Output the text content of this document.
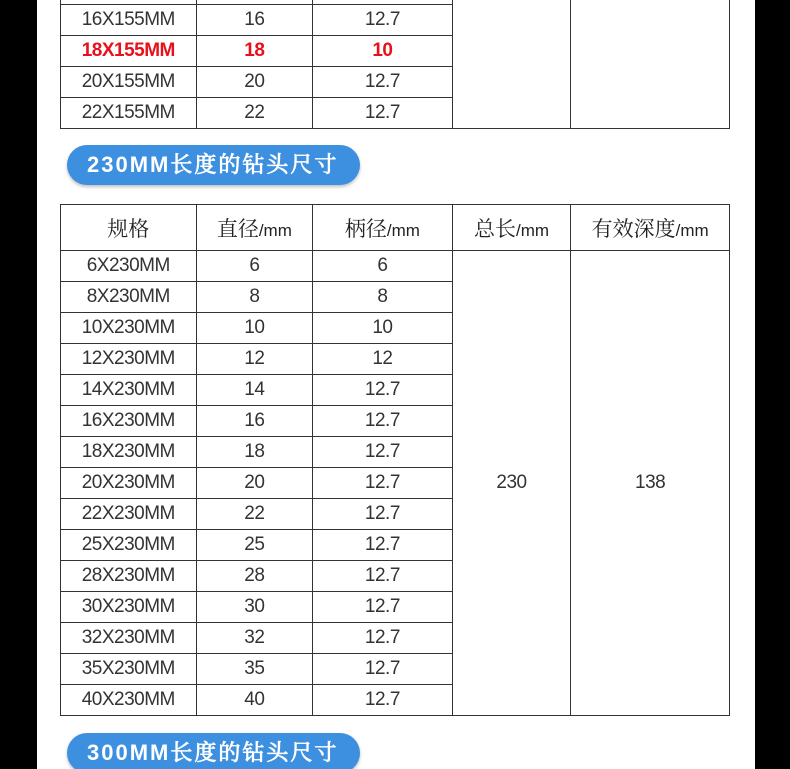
16X155MM	16	12.7		
18X155MM	18	10		
20X155MM	20	12.7		
22X155MM	22	12.7		
230MM长度的钻头尺寸
规格	直径/mm	柄径/mm	总长/mm	有效深度/mm
6X230MM	6	6	230	138
8X230MM	8	8		
10X230MM	10	10		
12X230MM	12	12		
14X230MM	14	12.7		
16X230MM	16	12.7		
18X230MM	18	12.7		
20X230MM	20	12.7		
22X230MM	22	12.7		
25X230MM	25	12.7		
28X230MM	28	12.7		
30X230MM	30	12.7		
32X230MM	32	12.7		
35X230MM	35	12.7		
40X230MM	40	12.7		
300MM长度的钻头尺寸
